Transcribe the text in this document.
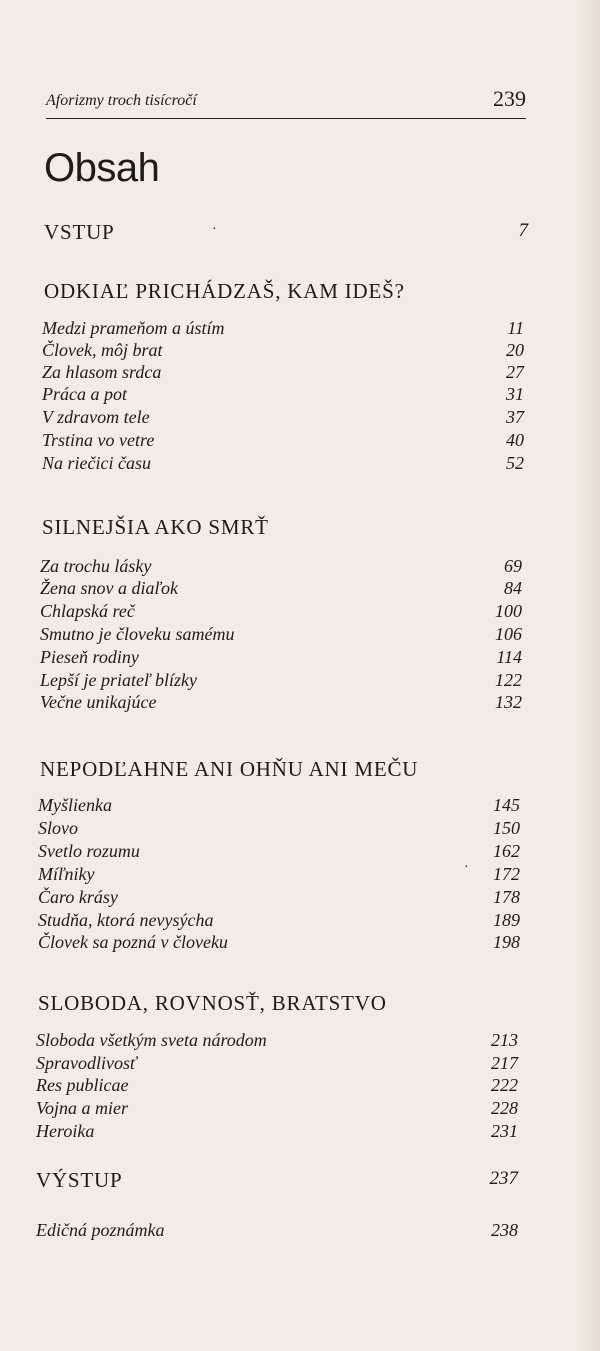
Aforizmy troch tisícročí	239
Obsah
VSTUP	7
·
ODKIAĽ PRICHÁDZAŠ, KAM IDEŠ?
Medzi prameňom a ústím	11
Človek, môj brat	20
Za hlasom srdca	27
Práca a pot	31
V zdravom tele	37
Trstina vo vetre	40
Na riečici času	52
SILNEJŠIA AKO SMRŤ
Za trochu lásky	69
Žena snov a diaľok	84
Chlapská reč	100
Smutno je človeku samému	106
Pieseň rodiny	114
Lepší je priateľ blízky	122
Večne unikajúce	132
NEPODĽAHNE ANI OHŇU ANI MEČU
Myšlienka	145
Slovo	150
Svetlo rozumu	162
Míľniky	172
·
Čaro krásy	178
Studňa, ktorá nevysýcha	189
Človek sa pozná v človeku	198
SLOBODA, ROVNOSŤ, BRATSTVO
Sloboda všetkým sveta národom	213
Spravodlivosť	217
Res publicae	222
Vojna a mier	228
Heroika	231
VÝSTUP	237
Edičná poznámka	238
